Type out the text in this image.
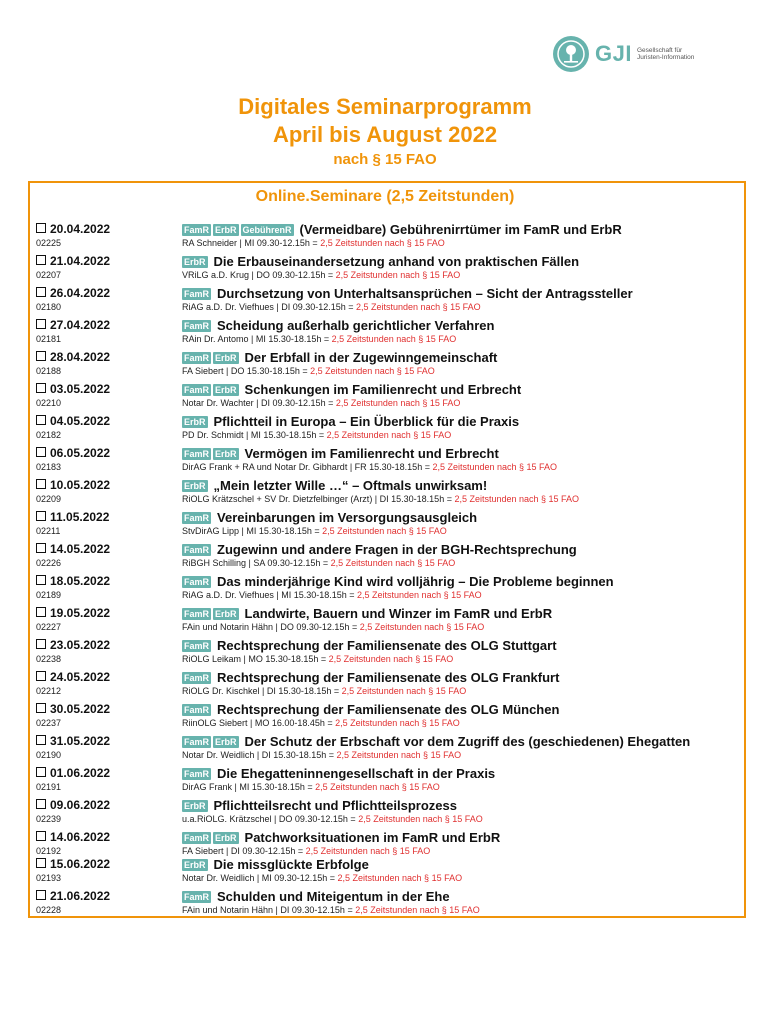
GJI Gesellschaft für Juristen-Information
Digitales Seminarprogramm
April bis August 2022
nach § 15 FAO
Online.Seminare (2,5 Zeitstunden)
20.04.2022
02225
FamR ErbR GebührenR (Vermeidbare) Gebührenirrtümer im FamR und ErbR
RA Schneider | MI 09.30-12.15h = 2,5 Zeitstunden nach § 15 FAO
21.04.2022
02207
ErbR Die Erbauseinandersetzung anhand von praktischen Fällen
VRiLG a.D. Krug | DO 09.30-12.15h = 2,5 Zeitstunden nach § 15 FAO
26.04.2022
02180
FamR Durchsetzung von Unterhaltsansprüchen – Sicht der Antragssteller
RiAG a.D. Dr. Viefhues | DI 09.30-12.15h = 2,5 Zeitstunden nach § 15 FAO
27.04.2022
02181
FamR Scheidung außerhalb gerichtlicher Verfahren
RAin Dr. Antomo | MI 15.30-18.15h = 2,5 Zeitstunden nach § 15 FAO
28.04.2022
02188
FamR ErbR Der Erbfall in der Zugewinngemeinschaft
FA Siebert | DO 15.30-18.15h = 2,5 Zeitstunden nach § 15 FAO
03.05.2022
02210
FamR ErbR Schenkungen im Familienrecht und Erbrecht
Notar Dr. Wachter | DI 09.30-12.15h = 2,5 Zeitstunden nach § 15 FAO
04.05.2022
02182
ErbR Pflichtteil in Europa – Ein Überblick für die Praxis
PD Dr. Schmidt | MI 15.30-18.15h = 2,5 Zeitstunden nach § 15 FAO
06.05.2022
02183
FamR ErbR Vermögen im Familienrecht und Erbrecht
DirAG Frank + RA und Notar Dr. Gibhardt | FR 15.30-18.15h = 2,5 Zeitstunden nach § 15 FAO
10.05.2022
02209
ErbR „Mein letzter Wille …“ – Oftmals unwirksam!
RiOLG Krätzschel + SV Dr. Dietzfelbinger (Arzt) | DI 15.30-18.15h = 2,5 Zeitstunden nach § 15 FAO
11.05.2022
02211
FamR Vereinbarungen im Versorgungsausgleich
StvDirAG Lipp | MI 15.30-18.15h = 2,5 Zeitstunden nach § 15 FAO
14.05.2022
02226
FamR Zugewinn und andere Fragen in der BGH-Rechtsprechung
RiBGH Schilling | SA 09.30-12.15h = 2,5 Zeitstunden nach § 15 FAO
18.05.2022
02189
FamR Das minderjährige Kind wird volljährig – Die Probleme beginnen
RiAG a.D. Dr. Viefhues | MI 15.30-18.15h = 2,5 Zeitstunden nach § 15 FAO
19.05.2022
02227
FamR ErbR Landwirte, Bauern und Winzer im FamR und ErbR
FAin und Notarin Hähn | DO 09.30-12.15h = 2,5 Zeitstunden nach § 15 FAO
23.05.2022
02238
FamR Rechtsprechung der Familiensenate des OLG Stuttgart
RiOLG Leikam | MO 15.30-18.15h = 2,5 Zeitstunden nach § 15 FAO
24.05.2022
02212
FamR Rechtsprechung der Familiensenate des OLG Frankfurt
RiOLG Dr. Kischkel | DI 15.30-18.15h = 2,5 Zeitstunden nach § 15 FAO
30.05.2022
02237
FamR Rechtsprechung der Familiensenate des OLG München
RiinOLG Siebert | MO 16.00-18.45h = 2,5 Zeitstunden nach § 15 FAO
31.05.2022
02190
FamR ErbR Der Schutz der Erbschaft vor dem Zugriff des (geschiedenen) Ehegatten
Notar Dr. Weidlich | DI 15.30-18.15h = 2,5 Zeitstunden nach § 15 FAO
01.06.2022
02191
FamR Die Ehegatteninnengesellschaft in der Praxis
DirAG Frank | MI 15.30-18.15h = 2,5 Zeitstunden nach § 15 FAO
09.06.2022
02239
ErbR Pflichtteilsrecht und Pflichtteilsprozess
u.a.RiOLG. Krätzschel | DO 09.30-12.15h = 2,5 Zeitstunden nach § 15 FAO
14.06.2022
02192
FamR ErbR Patchworksituationen im FamR und ErbR
FA Siebert | DI 09.30-12.15h = 2,5 Zeitstunden nach § 15 FAO
15.06.2022
02193
ErbR Die missglückte Erbfolge
Notar Dr. Weidlich | MI 09.30-12.15h = 2,5 Zeitstunden nach § 15 FAO
21.06.2022
02228
FamR Schulden und Miteigentum in der Ehe
FAin und Notarin Hähn | DI 09.30-12.15h = 2,5 Zeitstunden nach § 15 FAO
